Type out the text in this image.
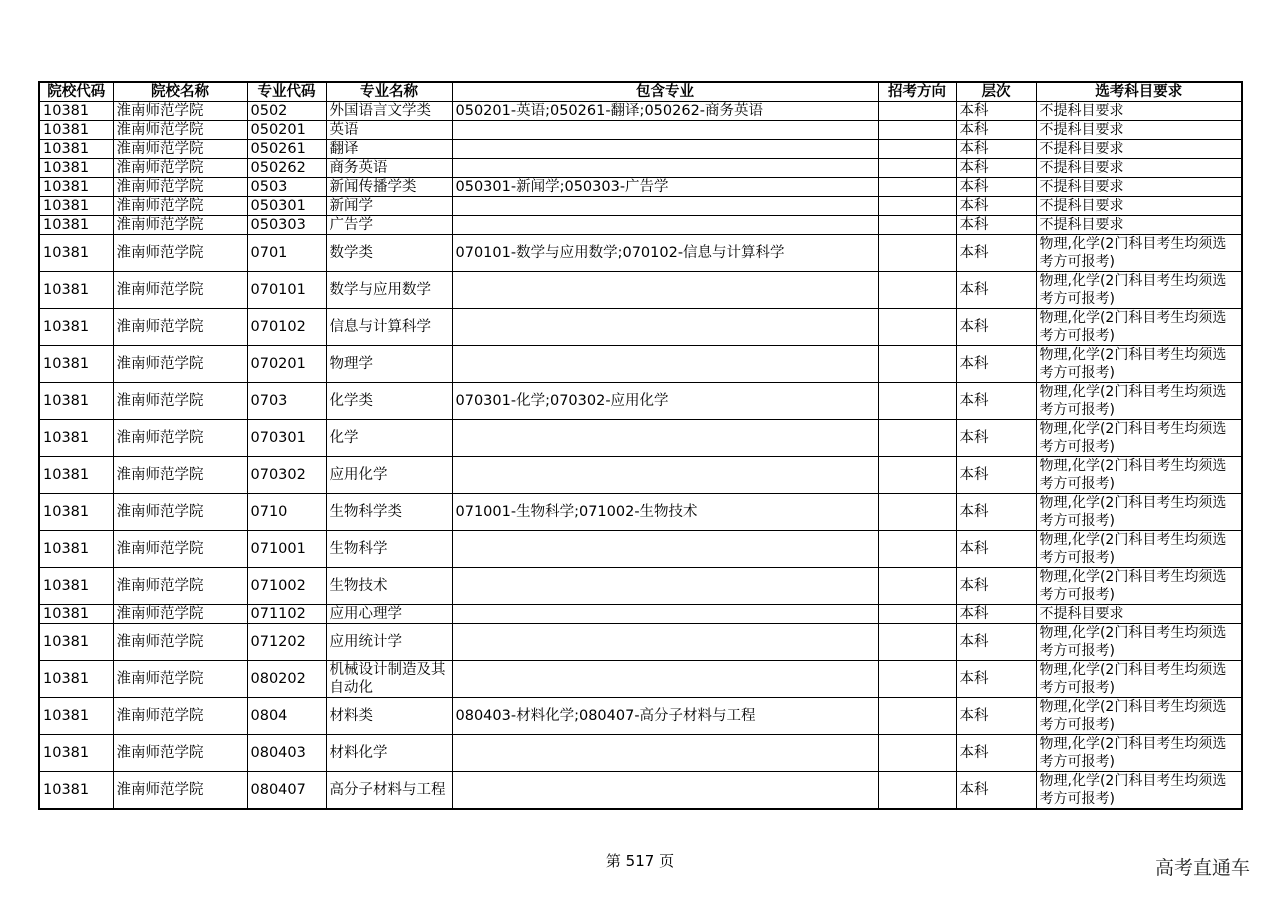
院校代码	院校名称	专业代码	专业名称	包含专业	招考方向	层次	选考科目要求
10381	淮南师范学院	0502	外国语言文学类	050201-英语;050261-翻译;050262-商务英语		本科	不提科目要求
10381	淮南师范学院	050201	英语			本科	不提科目要求
10381	淮南师范学院	050261	翻译			本科	不提科目要求
10381	淮南师范学院	050262	商务英语			本科	不提科目要求
10381	淮南师范学院	0503	新闻传播学类	050301-新闻学;050303-广告学		本科	不提科目要求
10381	淮南师范学院	050301	新闻学			本科	不提科目要求
10381	淮南师范学院	050303	广告学			本科	不提科目要求
10381	淮南师范学院	0701	数学类	070101-数学与应用数学;070102-信息与计算科学		本科	物理,化学(2门科目考生均须选考方可报考)
10381	淮南师范学院	070101	数学与应用数学			本科	物理,化学(2门科目考生均须选考方可报考)
10381	淮南师范学院	070102	信息与计算科学			本科	物理,化学(2门科目考生均须选考方可报考)
10381	淮南师范学院	070201	物理学			本科	物理,化学(2门科目考生均须选考方可报考)
10381	淮南师范学院	0703	化学类	070301-化学;070302-应用化学		本科	物理,化学(2门科目考生均须选考方可报考)
10381	淮南师范学院	070301	化学			本科	物理,化学(2门科目考生均须选考方可报考)
10381	淮南师范学院	070302	应用化学			本科	物理,化学(2门科目考生均须选考方可报考)
10381	淮南师范学院	0710	生物科学类	071001-生物科学;071002-生物技术		本科	物理,化学(2门科目考生均须选考方可报考)
10381	淮南师范学院	071001	生物科学			本科	物理,化学(2门科目考生均须选考方可报考)
10381	淮南师范学院	071002	生物技术			本科	物理,化学(2门科目考生均须选考方可报考)
10381	淮南师范学院	071102	应用心理学			本科	不提科目要求
10381	淮南师范学院	071202	应用统计学			本科	物理,化学(2门科目考生均须选考方可报考)
10381	淮南师范学院	080202	机械设计制造及其自动化			本科	物理,化学(2门科目考生均须选考方可报考)
10381	淮南师范学院	0804	材料类	080403-材料化学;080407-高分子材料与工程		本科	物理,化学(2门科目考生均须选考方可报考)
10381	淮南师范学院	080403	材料化学			本科	物理,化学(2门科目考生均须选考方可报考)
10381	淮南师范学院	080407	高分子材料与工程			本科	物理,化学(2门科目考生均须选考方可报考)
第 517 页	高考直通车
